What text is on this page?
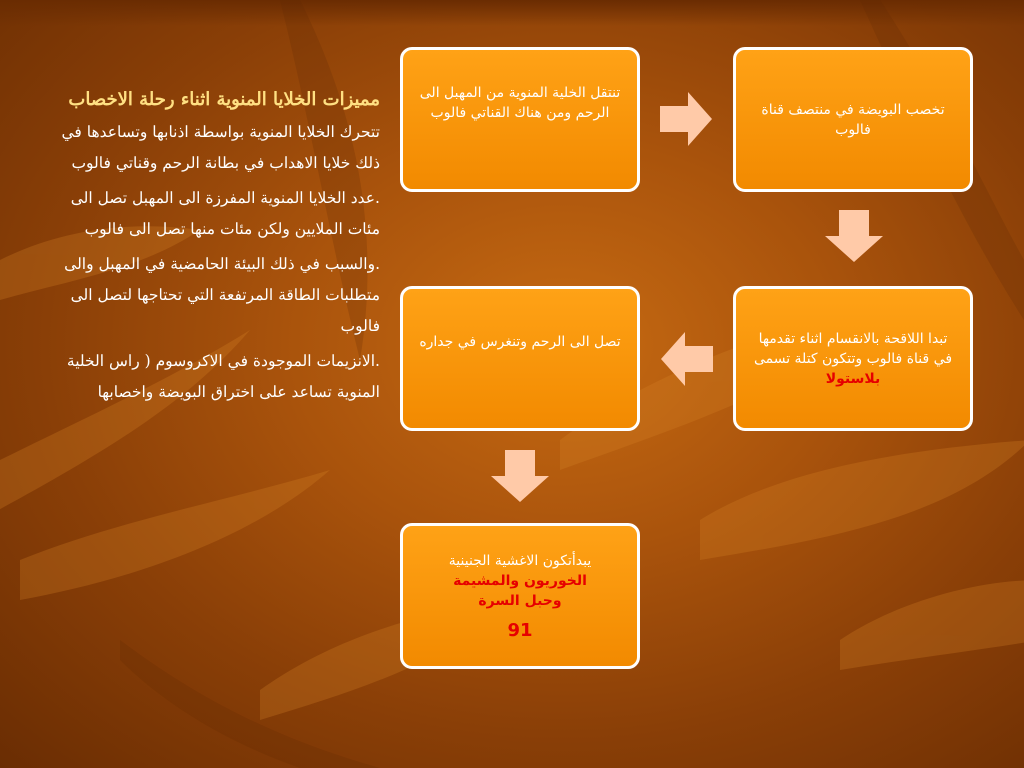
مميزات الخلايا المنوية اثناء رحلة الاخصاب
تتحرك الخلايا المنوية بواسطة اذنابها وتساعدها في ذلك خلايا الاهداب في بطانة الرحم وقناتي فالوب
.عدد الخلايا المنوية المفرزة الى المهبل تصل الى مئات الملايين ولكن مئات منها تصل الى فالوب
.والسبب في ذلك البيئة الحامضية في المهبل والى متطلبات الطاقة المرتفعة التي تحتاجها لتصل الى فالوب
.الانزيمات الموجودة في الاكروسوم ( راس الخلية المنوية تساعد على اختراق البويضة واخصابها
تنتقل الخلية المنوية من المهبل الى الرحم ومن هناك القناتي فالوب	تخصب البويضة في منتصف قناة فالوب
تبدا اللاقحة بالانقسام اثناء تقدمها في قناة فالوب وتتكون كتلة تسمى
بلاستولا
تصل الى الرحم وتنغرس في جداره
يبدأتكون الاغشية الجنينية
الخوريون والمشيمة
وحبل السرة
91
